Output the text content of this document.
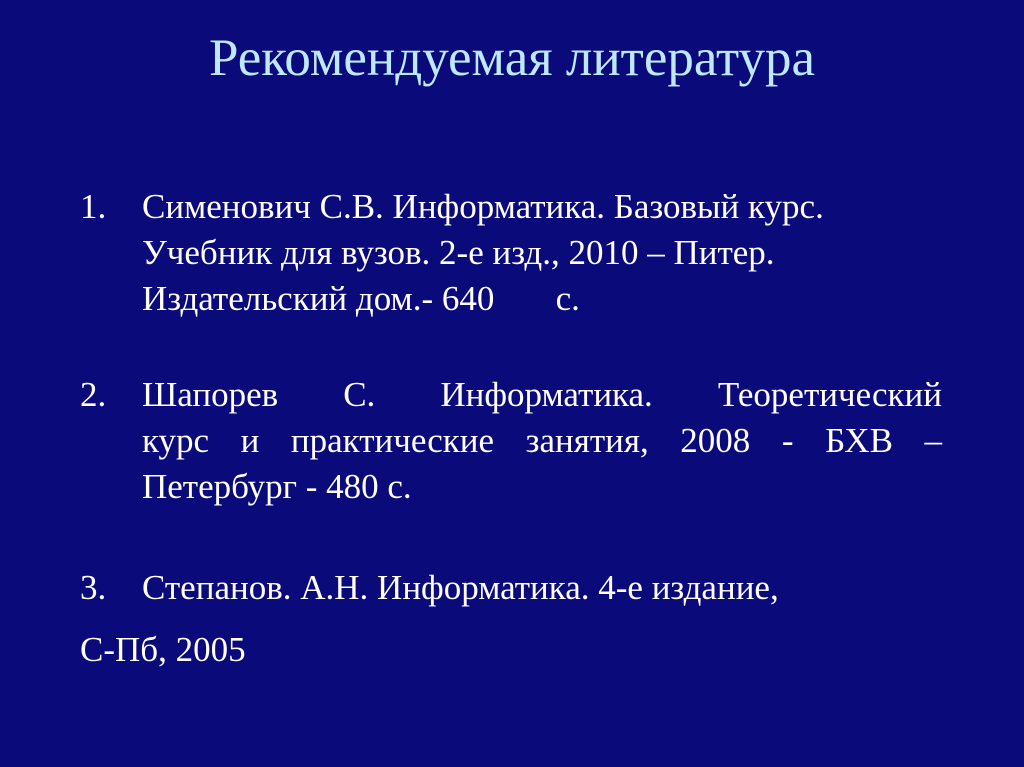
Рекомендуемая литература
1.	Сименович С.В. Информатика. Базовый курс.
Учебник для вузов. 2-е изд., 2010 – Питер.
Издательский дом.- 640       с.
2.	Шапорев С. Информатика. Теоретический
курс и практические занятия, 2008 - БХВ –
Петербург - 480 с.
3.	Степанов. А.Н. Информатика. 4-е издание,
С-Пб, 2005
